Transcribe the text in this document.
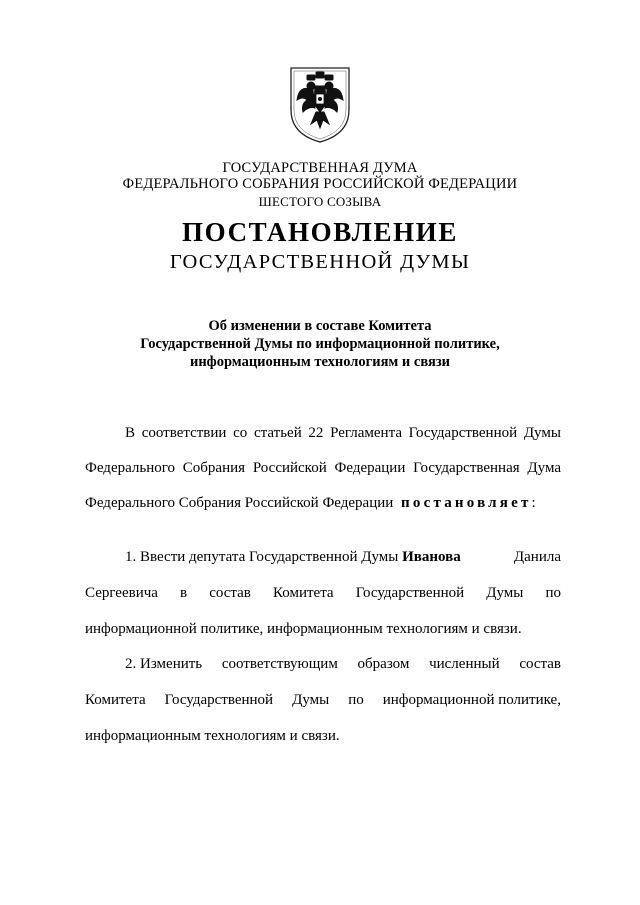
ГОСУДАРСТВЕННАЯ ДУМА
ФЕДЕРАЛЬНОГО СОБРАНИЯ РОССИЙСКОЙ ФЕДЕРАЦИИ
ШЕСТОГО СОЗЫВА
ПОСТАНОВЛЕНИЕ
ГОСУДАРСТВЕННОЙ ДУМЫ
Об изменении в составе Комитета
Государственной Думы по информационной политике,
информационным технологиям и связи
В соответствии со статьей 22 Регламента Государственной Думы
Федерального Собрания Российской Федерации Государственная Дума
Федерального Собрания Российской Федерации постановляет:
1. Ввести депутата Государственной Думы Иванова	Данила
Сергеевича в состав Комитета Государственной Думы по
информационной политике, информационным технологиям и связи.
2. Изменить соответствующим образом численный состав
Комитета Государственной Думы по информационной политике,
информационным технологиям и связи.
